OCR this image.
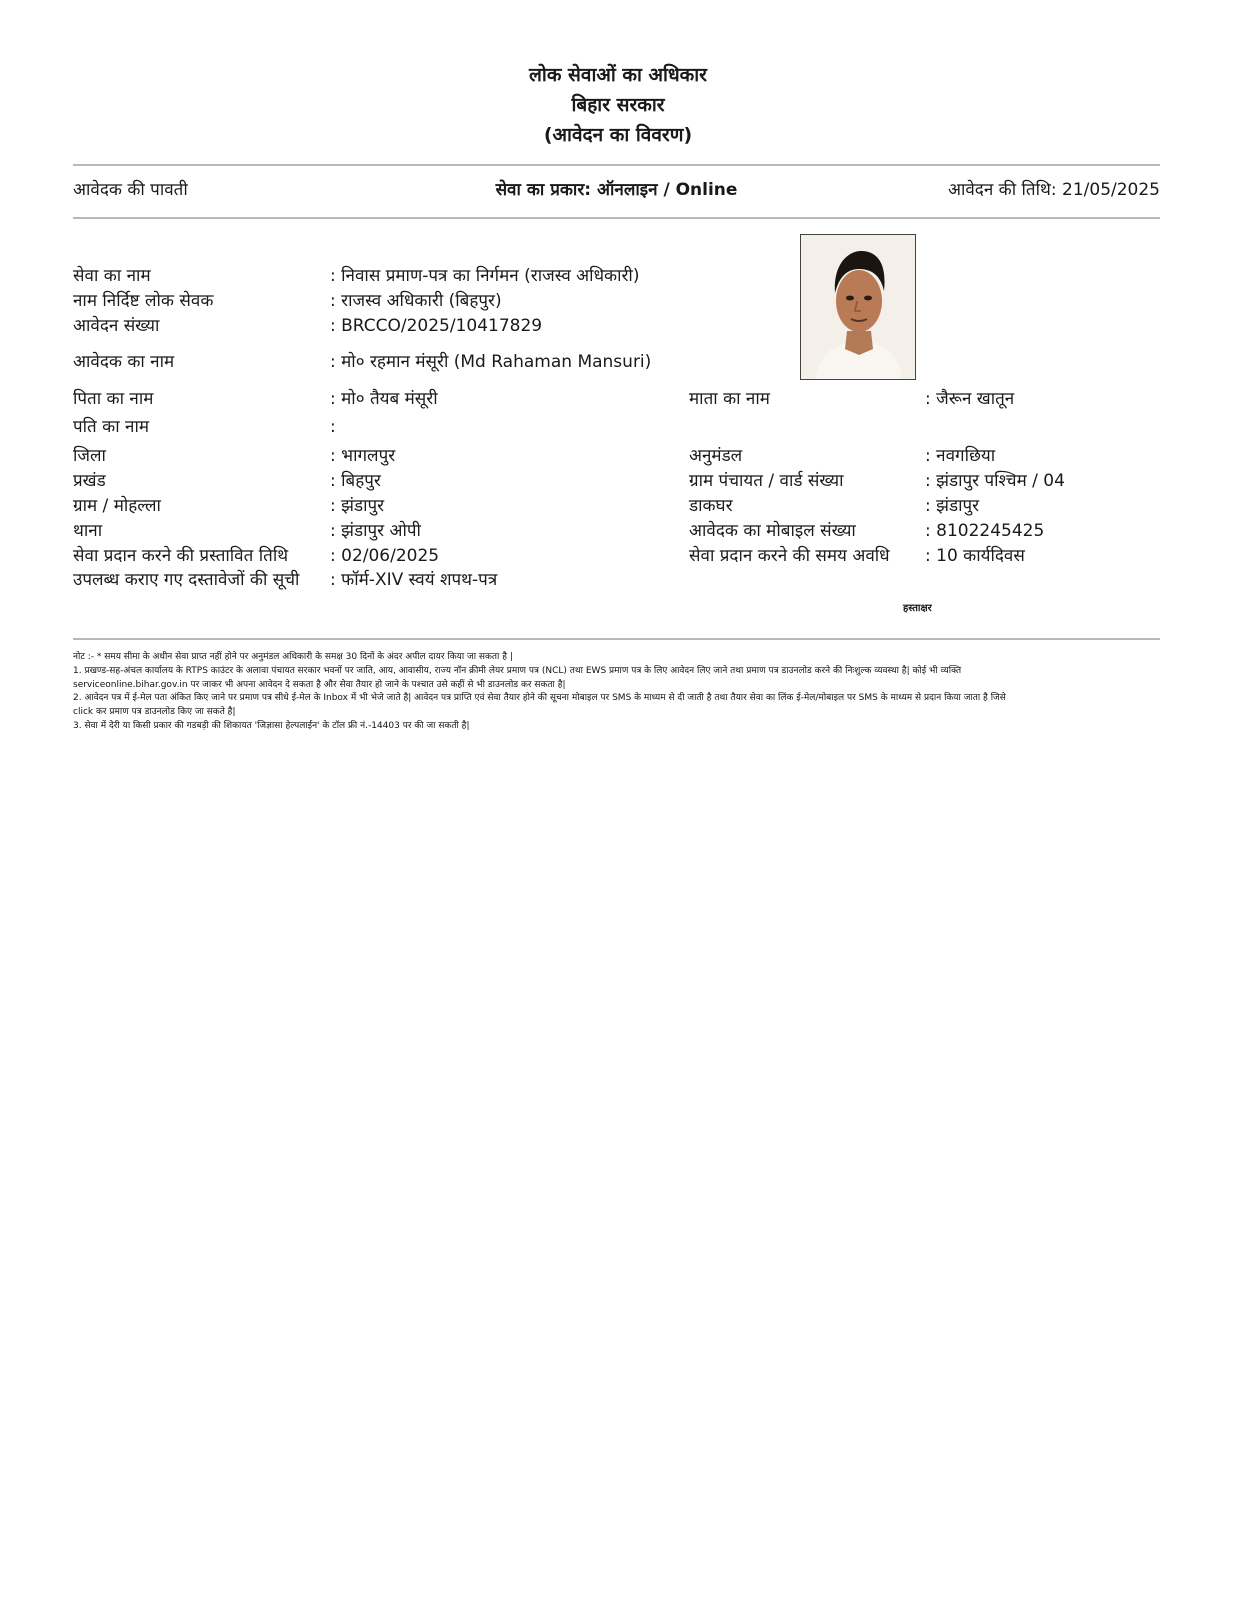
लोक सेवाओं का अधिकार
बिहार सरकार
(आवेदन का विवरण)
आवेदक की पावती	सेवा का प्रकार: ऑनलाइन / Online	आवेदन की तिथि: 21/05/2025
सेवा का नाम	: निवास प्रमाण-पत्र का निर्गमन (राजस्व अधिकारी)
नाम निर्दिष्ट लोक सेवक	: राजस्व अधिकारी (बिहपुर)
आवेदन संख्या	: BRCCO/2025/10417829
आवेदक का नाम	: मो० रहमान मंसूरी (Md Rahaman Mansuri)
पिता का नाम	: मो० तैयब मंसूरी	माता का नाम	: जैरून खातून
पति का नाम	:
जिला	: भागलपुर	अनुमंडल	: नवगछिया
प्रखंड	: बिहपुर	ग्राम पंचायत / वार्ड संख्या	: झंडापुर पश्चिम / 04
ग्राम / मोहल्ला	: झंडापुर	डाकघर	: झंडापुर
थाना	: झंडापुर ओपी	आवेदक का मोबाइल संख्या	: 8102245425
सेवा प्रदान करने की प्रस्तावित तिथि : 02/06/2025	सेवा प्रदान करने की समय अवधि : 10 कार्यदिवस
उपलब्ध कराए गए दस्तावेजों की सूची : फॉर्म-XIV स्वयं शपथ-पत्र
हस्ताक्षर
नोट :- * समय सीमा के अधीन सेवा प्राप्त नहीं होने पर अनुमंडल अधिकारी के समक्ष 30 दिनों के अंदर अपील दायर किया जा सकता है |
1. प्रखण्ड-सह-अंचल कार्यालय के RTPS काउंटर के अलावा पंचायत सरकार भवनों पर जाति, आय, आवासीय, राज्य नॉन क्रीमी लेयर प्रमाण पत्र (NCL) तथा EWS प्रमाण पत्र के लिए आवेदन लिए जाने तथा प्रमाण पत्र डाउनलोड करने की निःशुल्क व्यवस्था है| कोई भी व्यक्ति
serviceonline.bihar.gov.in पर जाकर भी अपना आवेदन दे सकता है और सेवा तैयार हो जाने के पश्चात उसे कहीं से भी डाउनलोड कर सकता है|
2. आवेदन पत्र में ई-मेल पता अंकित किए जाने पर प्रमाण पत्र सीधे ई-मेल के Inbox में भी भेजे जाते है| आवेदन पत्र प्राप्ति एवं सेवा तैयार होने की सूचना मोबाइल पर SMS के माध्यम से दी जाती है तथा तैयार सेवा का लिंक ई-मेल/मोबाइल पर SMS के माध्यम से प्रदान किया जाता है जिसे
click कर प्रमाण पत्र डाउनलोड किए जा सकते है|
3. सेवा में देरी या किसी प्रकार की गडबड़ी की शिकायत 'जिज्ञासा हेल्पलाईन' के टॉल फ्री नं.-14403 पर की जा सकती है|
